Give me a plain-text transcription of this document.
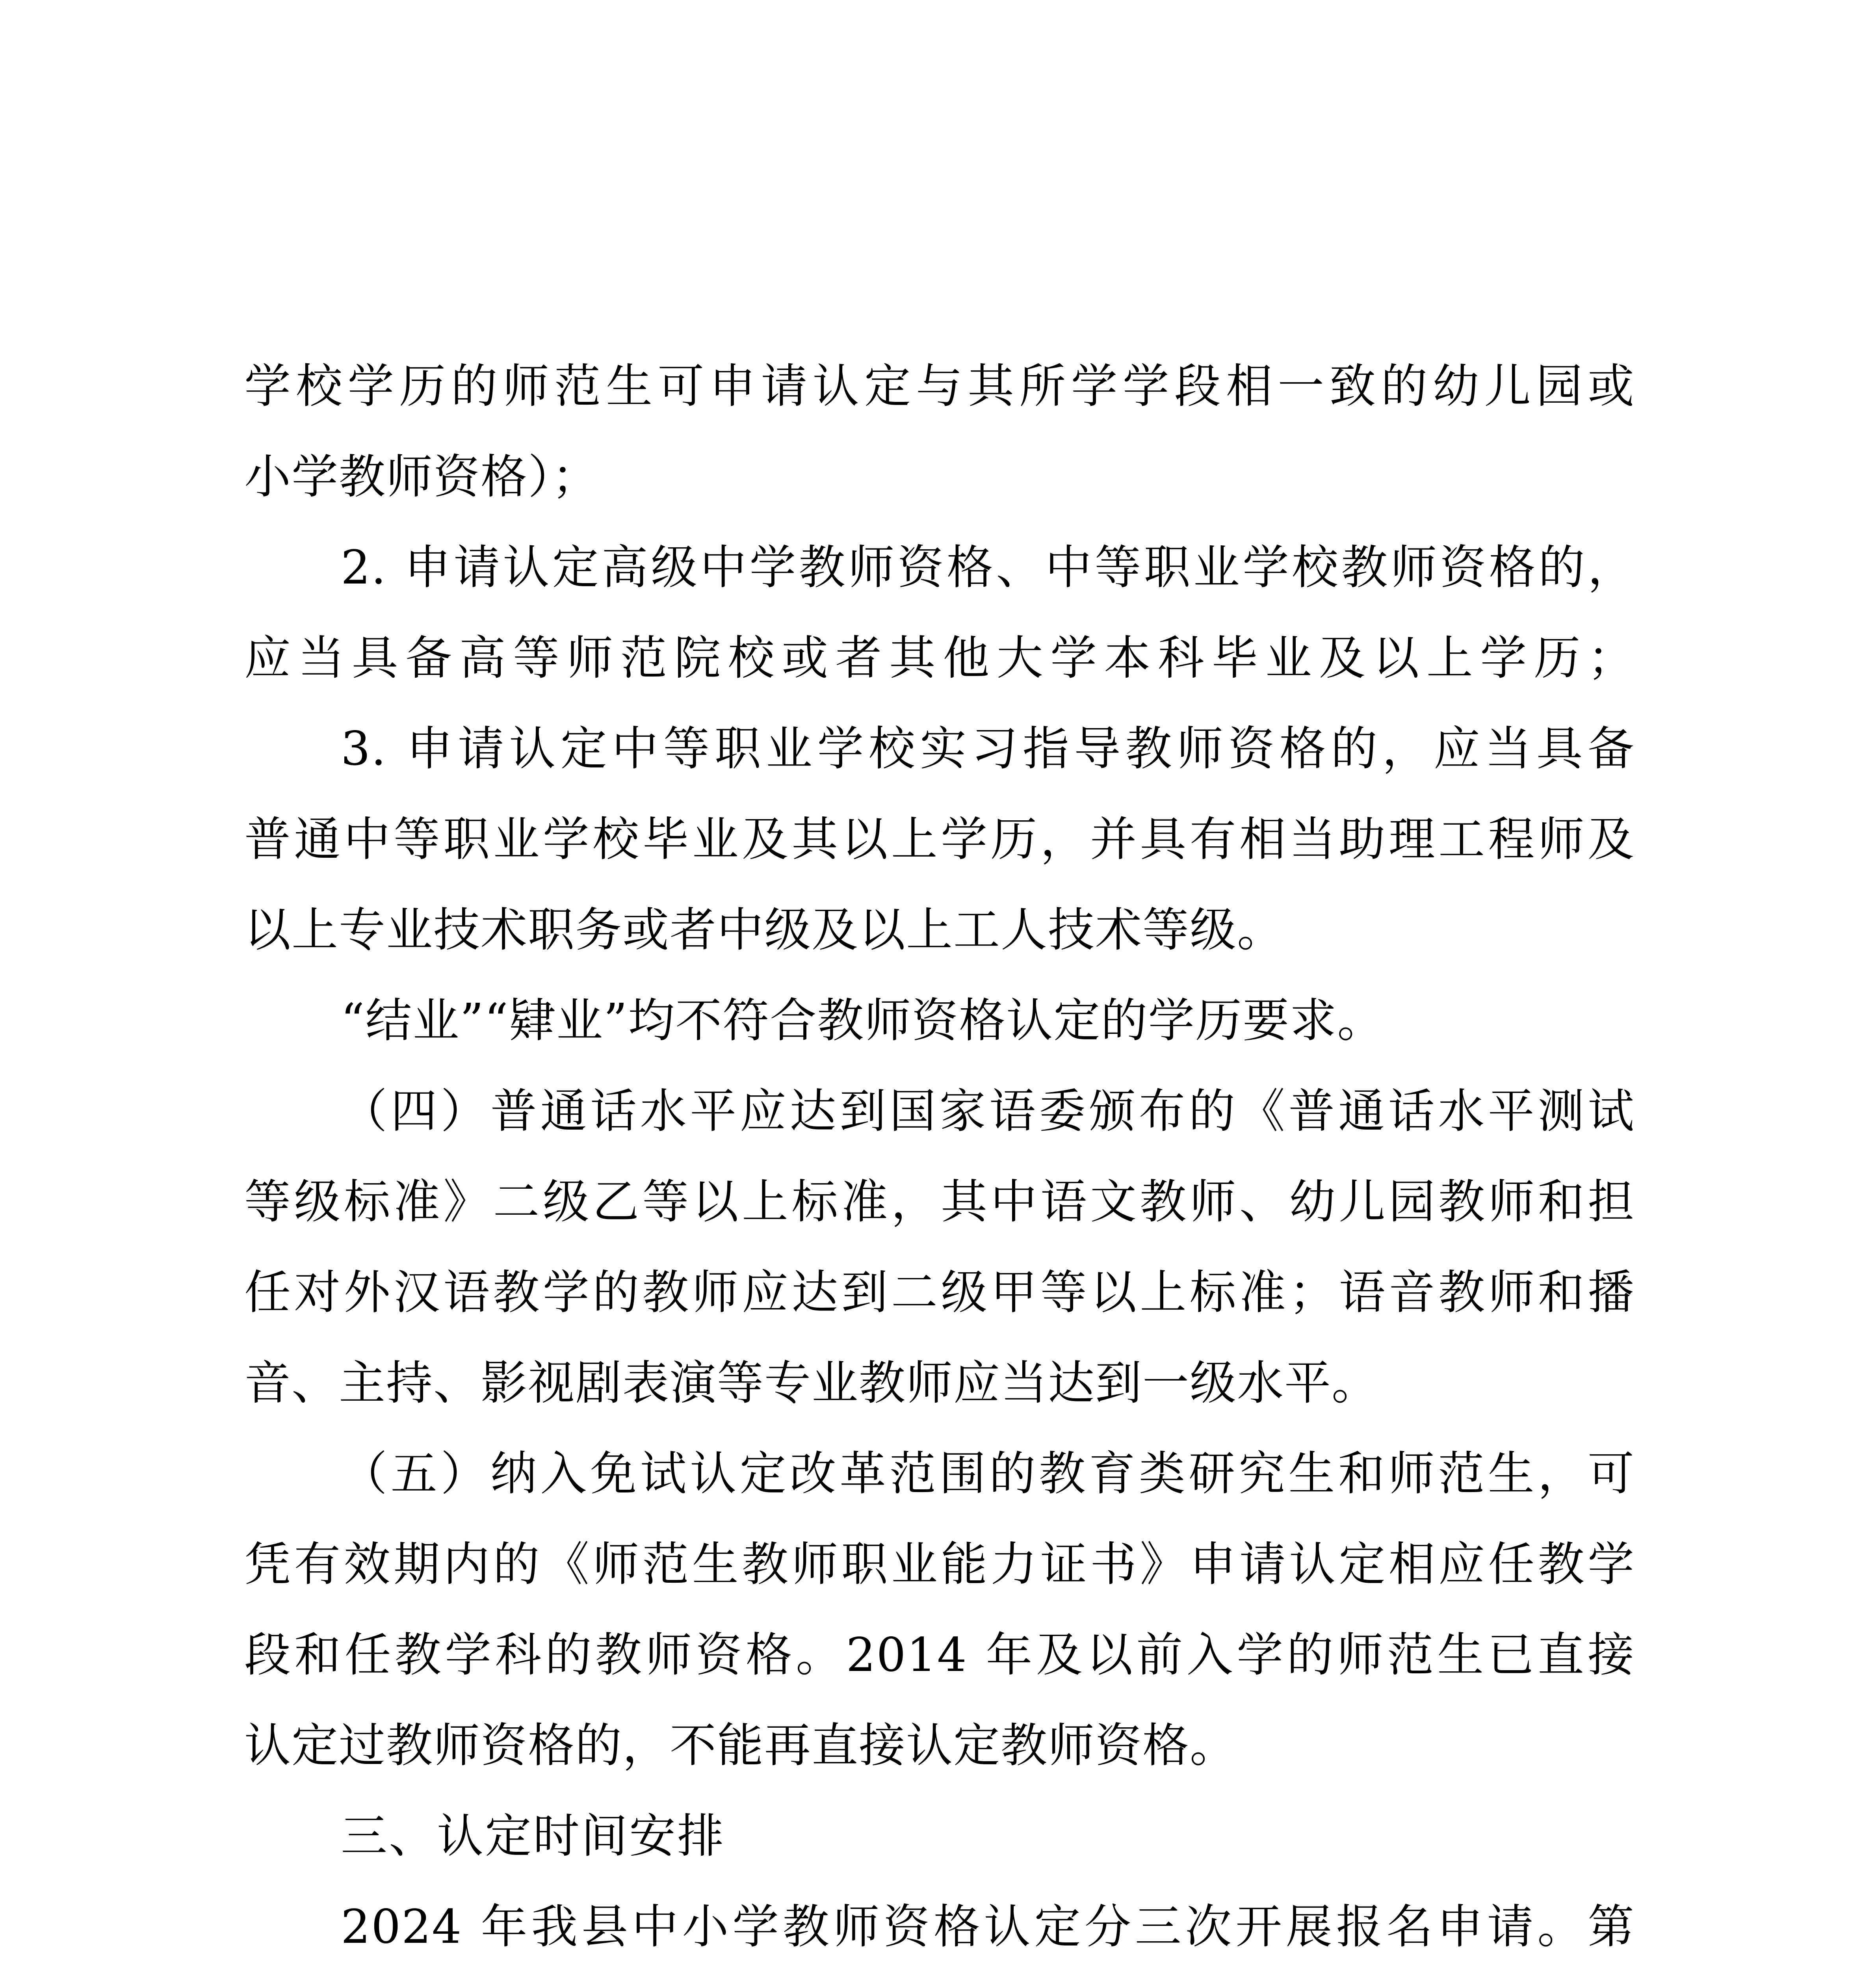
学校学历的师范生可申请认定与其所学学段相一致的幼儿园或
小学教师资格）；
2. 申请认定高级中学教师资格、中等职业学校教师资格的，
应当具备高等师范院校或者其他大学本科毕业及以上学历；
3. 申请认定中等职业学校实习指导教师资格的，应当具备
普通中等职业学校毕业及其以上学历，并具有相当助理工程师及
以上专业技术职务或者中级及以上工人技术等级。
“结业”“肄业”均不符合教师资格认定的学历要求。
（四）普通话水平应达到国家语委颁布的《普通话水平测试
等级标准》二级乙等以上标准，其中语文教师、幼儿园教师和担
任对外汉语教学的教师应达到二级甲等以上标准；语音教师和播
音、主持、影视剧表演等专业教师应当达到一级水平。
（五）纳入免试认定改革范围的教育类研究生和师范生，可
凭有效期内的《师范生教师职业能力证书》申请认定相应任教学
段和任教学科的教师资格。2014 年及以前入学的师范生已直接
认定过教师资格的，不能再直接认定教师资格。
三、认定时间安排
2024 年我县中小学教师资格认定分三次开展报名申请。第
